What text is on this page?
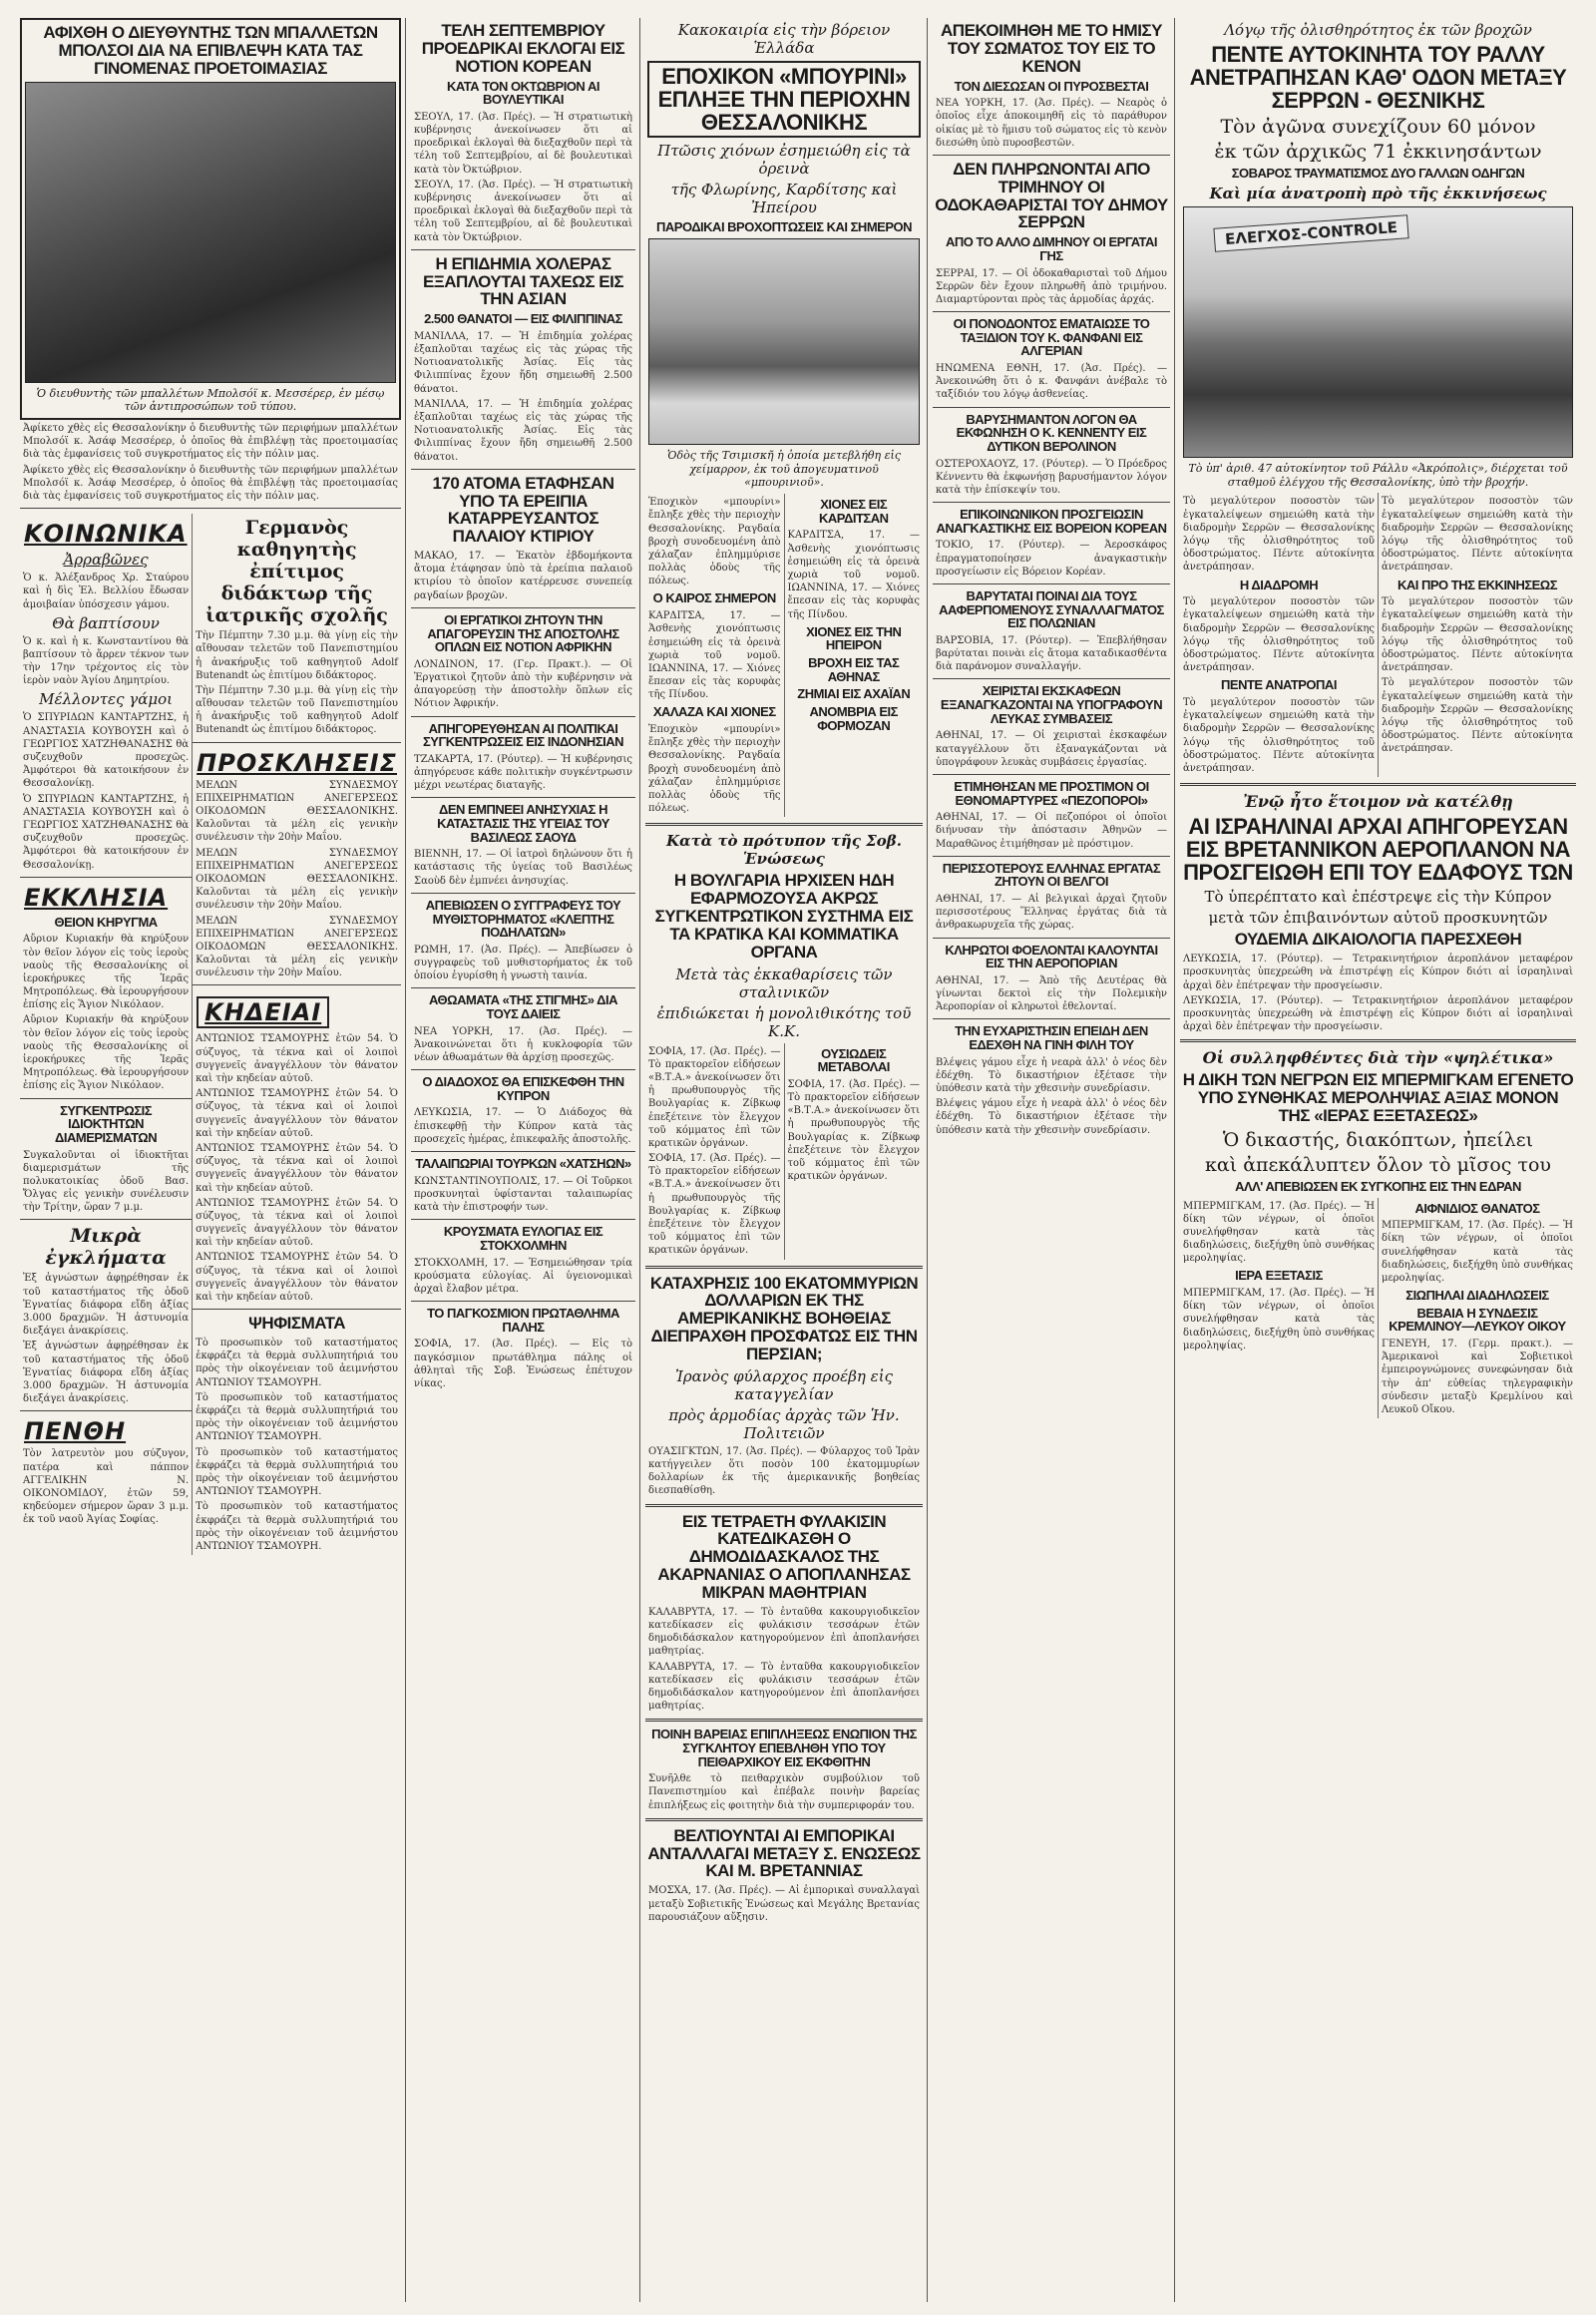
ΑΦΙΧΘΗ Ο ΔΙΕΥΘΥΝΤΗΣ ΤΩΝ ΜΠΑΛΛΕΤΩΝ ΜΠΟΛΣΟΙ ΔΙΑ ΝΑ ΕΠΙΒΛΕΨΗ ΚΑΤΑ ΤΑΣ ΓΙΝΟΜΕΝΑΣ ΠΡΟΕΤΟΙΜΑΣΙΑΣ
Ὁ διευθυντὴς τῶν μπαλλέτων Μπολσόϊ κ. Μεσσέρερ, ἐν μέσῳ τῶν ἀντιπροσώπων τοῦ τύπου.
Ἀφίκετο χθὲς εἰς Θεσσαλονίκην ὁ διευθυντὴς τῶν περιφήμων μπαλλέτων Μπολσόϊ κ. Ἀσάφ Μεσσέρερ, ὁ ὁποῖος θὰ ἐπιβλέψῃ τὰς προετοιμασίας διὰ τὰς ἐμφανίσεις τοῦ συγκροτήματος εἰς τὴν πόλιν μας.
Ἀφίκετο χθὲς εἰς Θεσσαλονίκην ὁ διευθυντὴς τῶν περιφήμων μπαλλέτων Μπολσόϊ κ. Ἀσάφ Μεσσέρερ, ὁ ὁποῖος θὰ ἐπιβλέψῃ τὰς προετοιμασίας διὰ τὰς ἐμφανίσεις τοῦ συγκροτήματος εἰς τὴν πόλιν μας.
ΚΟΙΝΩΝΙΚΑ
Ἀρραβῶνες
Ὁ κ. Ἀλέξανδρος Χρ. Σταύρου καὶ ἡ δὶς Ἐλ. Βελλίου ἔδωσαν ἀμοιβαίαν ὑπόσχεσιν γάμου.
Θὰ βαπτίσουν
Ὁ κ. καὶ ἡ κ. Κωνσταντίνου θὰ βαπτίσουν τὸ ἄρρεν τέκνον των τὴν 17ην τρέχοντος εἰς τὸν ἱερὸν ναὸν Ἁγίου Δημητρίου.
Μέλλοντες γάμοι
Ὁ ΣΠΥΡΙΔΩΝ ΚΑΝΤΑΡΤΖΗΣ, ἡ ΑΝΑΣΤΑΣΙΑ ΚΟΥΒΟΥΣΗ καὶ ὁ ΓΕΩΡΓΙΟΣ ΧΑΤΖΗΘΑΝΑΣΗΣ θὰ συζευχθοῦν προσεχῶς. Ἀμφότεροι θὰ κατοικήσουν ἐν Θεσσαλονίκῃ.
Ὁ ΣΠΥΡΙΔΩΝ ΚΑΝΤΑΡΤΖΗΣ, ἡ ΑΝΑΣΤΑΣΙΑ ΚΟΥΒΟΥΣΗ καὶ ὁ ΓΕΩΡΓΙΟΣ ΧΑΤΖΗΘΑΝΑΣΗΣ θὰ συζευχθοῦν προσεχῶς. Ἀμφότεροι θὰ κατοικήσουν ἐν Θεσσαλονίκῃ.
ΕΚΚΛΗΣΙΑ
ΘΕΙΟΝ ΚΗΡΥΓΜΑ
Αὔριον Κυριακήν θὰ κηρύξουν τὸν θεῖον λόγον εἰς τοὺς ἱεροὺς ναοὺς τῆς Θεσσαλονίκης οἱ ἱεροκήρυκες τῆς Ἱερᾶς Μητροπόλεως. Θὰ ἱερουργήσουν ἐπίσης εἰς Ἅγιον Νικόλαον.
Αὔριον Κυριακήν θὰ κηρύξουν τὸν θεῖον λόγον εἰς τοὺς ἱεροὺς ναοὺς τῆς Θεσσαλονίκης οἱ ἱεροκήρυκες τῆς Ἱερᾶς Μητροπόλεως. Θὰ ἱερουργήσουν ἐπίσης εἰς Ἅγιον Νικόλαον.
ΣΥΓΚΕΝΤΡΩΣΙΣ ΙΔΙΟΚΤΗΤΩΝ ΔΙΑΜΕΡΙΣΜΑΤΩΝ
Συγκαλοῦνται οἱ ἰδιοκτῆται διαμερισμάτων τῆς πολυκατοικίας ὁδοῦ Βασ. Ὄλγας εἰς γενικὴν συνέλευσιν τὴν Τρίτην, ὥραν 7 μ.μ.
Μικρὰ ἐγκλήματα
Ἐξ ἀγνώστων ἀφῃρέθησαν ἐκ τοῦ καταστήματος τῆς ὁδοῦ Ἐγνατίας διάφορα εἴδη ἀξίας 3.000 δραχμῶν. Ἡ ἀστυνομία διεξάγει ἀνακρίσεις.
Ἐξ ἀγνώστων ἀφῃρέθησαν ἐκ τοῦ καταστήματος τῆς ὁδοῦ Ἐγνατίας διάφορα εἴδη ἀξίας 3.000 δραχμῶν. Ἡ ἀστυνομία διεξάγει ἀνακρίσεις.
ΠΕΝΘΗ
Τὸν λατρευτὸν μου σύζυγον, πατέρα καὶ πάππον ΑΓΓΕΛΙΚΗΝ Ν. ΟΙΚΟΝΟΜΙΔΟΥ, ἐτῶν 59, κηδεύομεν σήμερον ὥραν 3 μ.μ. ἐκ τοῦ ναοῦ Ἁγίας Σοφίας.
Γερμανὸς καθηγητὴς ἐπίτιμος διδάκτωρ τῆς ἰατρικῆς σχολῆς
Τὴν Πέμπτην 7.30 μ.μ. θὰ γίνῃ εἰς τὴν αἴθουσαν τελετῶν τοῦ Πανεπιστημίου ἡ ἀνακήρυξις τοῦ καθηγητοῦ Adolf Butenandt ὡς ἐπιτίμου διδάκτορος.
Τὴν Πέμπτην 7.30 μ.μ. θὰ γίνῃ εἰς τὴν αἴθουσαν τελετῶν τοῦ Πανεπιστημίου ἡ ἀνακήρυξις τοῦ καθηγητοῦ Adolf Butenandt ὡς ἐπιτίμου διδάκτορος.
ΠΡΟΣΚΛΗΣΕΙΣ
ΜΕΛΩΝ ΣΥΝΔΕΣΜΟΥ ΕΠΙΧΕΙΡΗΜΑΤΙΩΝ ΑΝΕΓΕΡΣΕΩΣ ΟΙΚΟΔΟΜΩΝ ΘΕΣΣΑΛΟΝΙΚΗΣ. Καλοῦνται τὰ μέλη εἰς γενικὴν συνέλευσιν τὴν 20ὴν Μαΐου.
ΜΕΛΩΝ ΣΥΝΔΕΣΜΟΥ ΕΠΙΧΕΙΡΗΜΑΤΙΩΝ ΑΝΕΓΕΡΣΕΩΣ ΟΙΚΟΔΟΜΩΝ ΘΕΣΣΑΛΟΝΙΚΗΣ. Καλοῦνται τὰ μέλη εἰς γενικὴν συνέλευσιν τὴν 20ὴν Μαΐου.
ΜΕΛΩΝ ΣΥΝΔΕΣΜΟΥ ΕΠΙΧΕΙΡΗΜΑΤΙΩΝ ΑΝΕΓΕΡΣΕΩΣ ΟΙΚΟΔΟΜΩΝ ΘΕΣΣΑΛΟΝΙΚΗΣ. Καλοῦνται τὰ μέλη εἰς γενικὴν συνέλευσιν τὴν 20ὴν Μαΐου.
ΚΗΔΕΙΑΙ
ΑΝΤΩΝΙΟΣ ΤΣΑΜΟΥΡΗΣ ἐτῶν 54. Ὁ σύζυγος, τὰ τέκνα καὶ οἱ λοιποὶ συγγενεῖς ἀναγγέλλουν τὸν θάνατον καὶ τὴν κηδείαν αὐτοῦ.
ΑΝΤΩΝΙΟΣ ΤΣΑΜΟΥΡΗΣ ἐτῶν 54. Ὁ σύζυγος, τὰ τέκνα καὶ οἱ λοιποὶ συγγενεῖς ἀναγγέλλουν τὸν θάνατον καὶ τὴν κηδείαν αὐτοῦ.
ΑΝΤΩΝΙΟΣ ΤΣΑΜΟΥΡΗΣ ἐτῶν 54. Ὁ σύζυγος, τὰ τέκνα καὶ οἱ λοιποὶ συγγενεῖς ἀναγγέλλουν τὸν θάνατον καὶ τὴν κηδείαν αὐτοῦ.
ΑΝΤΩΝΙΟΣ ΤΣΑΜΟΥΡΗΣ ἐτῶν 54. Ὁ σύζυγος, τὰ τέκνα καὶ οἱ λοιποὶ συγγενεῖς ἀναγγέλλουν τὸν θάνατον καὶ τὴν κηδείαν αὐτοῦ.
ΑΝΤΩΝΙΟΣ ΤΣΑΜΟΥΡΗΣ ἐτῶν 54. Ὁ σύζυγος, τὰ τέκνα καὶ οἱ λοιποὶ συγγενεῖς ἀναγγέλλουν τὸν θάνατον καὶ τὴν κηδείαν αὐτοῦ.
ΨΗΦΙΣΜΑΤΑ
Τὸ προσωπικὸν τοῦ καταστήματος ἐκφράζει τὰ θερμὰ συλλυπητήριά του πρὸς τὴν οἰκογένειαν τοῦ ἀειμνήστου ΑΝΤΩΝΙΟΥ ΤΣΑΜΟΥΡΗ.
Τὸ προσωπικὸν τοῦ καταστήματος ἐκφράζει τὰ θερμὰ συλλυπητήριά του πρὸς τὴν οἰκογένειαν τοῦ ἀειμνήστου ΑΝΤΩΝΙΟΥ ΤΣΑΜΟΥΡΗ.
Τὸ προσωπικὸν τοῦ καταστήματος ἐκφράζει τὰ θερμὰ συλλυπητήριά του πρὸς τὴν οἰκογένειαν τοῦ ἀειμνήστου ΑΝΤΩΝΙΟΥ ΤΣΑΜΟΥΡΗ.
Τὸ προσωπικὸν τοῦ καταστήματος ἐκφράζει τὰ θερμὰ συλλυπητήριά του πρὸς τὴν οἰκογένειαν τοῦ ἀειμνήστου ΑΝΤΩΝΙΟΥ ΤΣΑΜΟΥΡΗ.
ΤΕΛΗ ΣΕΠΤΕΜΒΡΙΟΥ ΠΡΟΕΔΡΙΚΑΙ ΕΚΛΟΓΑΙ ΕΙΣ ΝΟΤΙΟΝ ΚΟΡΕΑΝ
ΚΑΤΑ ΤΟΝ ΟΚΤΩΒΡΙΟΝ ΑΙ ΒΟΥΛΕΥΤΙΚΑΙ
ΣΕΟΥΛ, 17. (Ἀσ. Πρές). — Ἡ στρατιωτικὴ κυβέρνησις ἀνεκοίνωσεν ὅτι αἱ προεδρικαὶ ἐκλογαὶ θὰ διεξαχθοῦν περὶ τὰ τέλη τοῦ Σεπτεμβρίου, αἱ δὲ βουλευτικαὶ κατὰ τὸν Ὀκτώβριον.
ΣΕΟΥΛ, 17. (Ἀσ. Πρές). — Ἡ στρατιωτικὴ κυβέρνησις ἀνεκοίνωσεν ὅτι αἱ προεδρικαὶ ἐκλογαὶ θὰ διεξαχθοῦν περὶ τὰ τέλη τοῦ Σεπτεμβρίου, αἱ δὲ βουλευτικαὶ κατὰ τὸν Ὀκτώβριον.
Η ΕΠΙΔΗΜΙΑ ΧΟΛΕΡΑΣ ΕΞΑΠΛΟΥΤΑΙ ΤΑΧΕΩΣ ΕΙΣ ΤΗΝ ΑΣΙΑΝ
2.500 ΘΑΝΑΤΟΙ — ΕΙΣ ΦΙΛΙΠΠΙΝΑΣ
ΜΑΝΙΛΛΑ, 17. — Ἡ ἐπιδημία χολέρας ἐξαπλοῦται ταχέως εἰς τὰς χώρας τῆς Νοτιοανατολικῆς Ἀσίας. Εἰς τὰς Φιλιππίνας ἔχουν ἤδη σημειωθῆ 2.500 θάνατοι.
ΜΑΝΙΛΛΑ, 17. — Ἡ ἐπιδημία χολέρας ἐξαπλοῦται ταχέως εἰς τὰς χώρας τῆς Νοτιοανατολικῆς Ἀσίας. Εἰς τὰς Φιλιππίνας ἔχουν ἤδη σημειωθῆ 2.500 θάνατοι.
170 ΑΤΟΜΑ ΕΤΑΦΗΣΑΝ ΥΠΟ ΤΑ ΕΡΕΙΠΙΑ ΚΑΤΑΡΡΕΥΣΑΝΤΟΣ ΠΑΛΑΙΟΥ ΚΤΙΡΙΟΥ
ΜΑΚΑΟ, 17. — Ἑκατὸν ἑβδομήκοντα ἄτομα ἐτάφησαν ὑπὸ τὰ ἐρείπια παλαιοῦ κτιρίου τὸ ὁποῖον κατέρρευσε συνεπείᾳ ραγδαίων βροχῶν.
ΟΙ ΕΡΓΑΤΙΚΟΙ ΖΗΤΟΥΝ ΤΗΝ ΑΠΑΓΟΡΕΥΣΙΝ ΤΗΣ ΑΠΟΣΤΟΛΗΣ ΟΠΛΩΝ ΕΙΣ ΝΟΤΙΟΝ ΑΦΡΙΚΗΝ
ΛΟΝΔΙΝΟΝ, 17. (Γερ. Πρακτ.). — Οἱ Ἐργατικοὶ ζητοῦν ἀπὸ τὴν κυβέρνησιν νὰ ἀπαγορεύσῃ τὴν ἀποστολὴν ὅπλων εἰς Νότιον Ἀφρικήν.
ΑΠΗΓΟΡΕΥΘΗΣΑΝ ΑΙ ΠΟΛΙΤΙΚΑΙ ΣΥΓΚΕΝΤΡΩΣΕΙΣ ΕΙΣ ΙΝΔΟΝΗΣΙΑΝ
ΤΖΑΚΑΡΤΑ, 17. (Ρόυτερ). — Ἡ κυβέρνησις ἀπηγόρευσε κάθε πολιτικὴν συγκέντρωσιν μέχρι νεωτέρας διαταγῆς.
ΔΕΝ ΕΜΠΝΕΕΙ ΑΝΗΣΥΧΙΑΣ Η ΚΑΤΑΣΤΑΣΙΣ ΤΗΣ ΥΓΕΙΑΣ ΤΟΥ ΒΑΣΙΛΕΩΣ ΣΑΟΥΔ
ΒΙΕΝΝΗ, 17. — Οἱ ἰατροὶ δηλώνουν ὅτι ἡ κατάστασις τῆς ὑγείας τοῦ Βασιλέως Σαοὺδ δὲν ἐμπνέει ἀνησυχίας.
ΑΠΕΒΙΩΣΕΝ Ο ΣΥΓΓΡΑΦΕΥΣ ΤΟΥ ΜΥΘΙΣΤΟΡΗΜΑΤΟΣ «ΚΛΕΠΤΗΣ ΠΟΔΗΛΑΤΩΝ»
ΡΩΜΗ, 17. (Ἀσ. Πρές). — Ἀπεβίωσεν ὁ συγγραφεὺς τοῦ μυθιστορήματος ἐκ τοῦ ὁποίου ἐγυρίσθη ἡ γνωστὴ ταινία.
ΑΘΩΑΜΑΤΑ «ΤΗΣ ΣΤΙΓΜΗΣ» ΔΙΑ ΤΟΥΣ ΔΑΙΕΙΣ
ΝΕΑ ΥΟΡΚΗ, 17. (Ἀσ. Πρές). — Ἀνακοινώνεται ὅτι ἡ κυκλοφορία τῶν νέων ἀθωαμάτων θὰ ἀρχίσῃ προσεχῶς.
Ο ΔΙΑΔΟΧΟΣ ΘΑ ΕΠΙΣΚΕΦΘΗ ΤΗΝ ΚΥΠΡΟΝ
ΛΕΥΚΩΣΙΑ, 17. — Ὁ Διάδοχος θὰ ἐπισκεφθῇ τὴν Κύπρον κατὰ τὰς προσεχεῖς ἡμέρας, ἐπικεφαλῆς ἀποστολῆς.
ΤΑΛΑΙΠΩΡΙΑΙ ΤΟΥΡΚΩΝ «ΧΑΤΣΗΩΝ»
ΚΩΝΣΤΑΝΤΙΝΟΥΠΟΛΙΣ, 17. — Οἱ Τοῦρκοι προσκυνηταὶ ὑφίστανται ταλαιπωρίας κατὰ τὴν ἐπιστροφήν των.
ΚΡΟΥΣΜΑΤΑ ΕΥΛΟΓΙΑΣ ΕΙΣ ΣΤΟΚΧΟΛΜΗΝ
ΣΤΟΚΧΟΛΜΗ, 17. — Ἐσημειώθησαν τρία κρούσματα εὐλογίας. Αἱ ὑγειονομικαὶ ἀρχαὶ ἔλαβον μέτρα.
ΤΟ ΠΑΓΚΟΣΜΙΟΝ ΠΡΩΤΑΘΛΗΜΑ ΠΑΛΗΣ
ΣΟΦΙΑ, 17. (Ἀσ. Πρές). — Εἰς τὸ παγκόσμιον πρωτάθλημα πάλης οἱ ἀθληταὶ τῆς Σοβ. Ἑνώσεως ἐπέτυχον νίκας.
Κακοκαιρία εἰς τὴν βόρειον Ἑλλάδα
ΕΠΟΧΙΚΟΝ «ΜΠΟΥΡΙΝΙ» ΕΠΛΗΞΕ ΤΗΝ ΠΕΡΙΟΧΗΝ ΘΕΣΣΑΛΟΝΙΚΗΣ
Πτῶσις χιόνων ἐσημειώθη εἰς τὰ ὀρεινὰ
τῆς Φλωρίνης, Καρδίτσης καὶ Ἠπείρου
ΠΑΡΟΔΙΚΑΙ ΒΡΟΧΟΠΤΩΣΕΙΣ ΚΑΙ ΣΗΜΕΡΟΝ
Ὁδὸς τῆς Τσιμισκῆ ἡ ὁποία μετεβλήθη εἰς χείμαρρον, ἐκ τοῦ ἀπογευματινοῦ «μπουρινιοῦ».
Ἐποχικὸν «μπουρίνι» ἔπληξε χθὲς τὴν περιοχὴν Θεσσαλονίκης. Ραγδαία βροχὴ συνοδευομένη ἀπὸ χάλαζαν ἐπλημμύρισε πολλὰς ὁδοὺς τῆς πόλεως.
Ο ΚΑΙΡΟΣ ΣΗΜΕΡΟΝ
ΚΑΡΔΙΤΣΑ, 17. — Ἀσθενὴς χιονόπτωσις ἐσημειώθη εἰς τὰ ὀρεινὰ χωριὰ τοῦ νομοῦ. ΙΩΑΝΝΙΝΑ, 17. — Χιόνες ἔπεσαν εἰς τὰς κορυφὰς τῆς Πίνδου.
ΧΑΛΑΖΑ ΚΑΙ ΧΙΟΝΕΣ
Ἐποχικὸν «μπουρίνι» ἔπληξε χθὲς τὴν περιοχὴν Θεσσαλονίκης. Ραγδαία βροχὴ συνοδευομένη ἀπὸ χάλαζαν ἐπλημμύρισε πολλὰς ὁδοὺς τῆς πόλεως.
ΧΙΟΝΕΣ ΕΙΣ ΚΑΡΔΙΤΣΑΝ
ΚΑΡΔΙΤΣΑ, 17. — Ἀσθενὴς χιονόπτωσις ἐσημειώθη εἰς τὰ ὀρεινὰ χωριὰ τοῦ νομοῦ. ΙΩΑΝΝΙΝΑ, 17. — Χιόνες ἔπεσαν εἰς τὰς κορυφὰς τῆς Πίνδου.
ΧΙΟΝΕΣ ΕΙΣ ΤΗΝ ΗΠΕΙΡΟΝ
ΒΡΟΧΗ ΕΙΣ ΤΑΣ ΑΘΗΝΑΣ
ΖΗΜΙΑΙ ΕΙΣ ΑΧΑΪΑΝ
ΑΝΟΜΒΡΙΑ ΕΙΣ ΦΟΡΜΟΖΑΝ
Κατὰ τὸ πρότυπον τῆς Σοβ. Ἑνώσεως
Η ΒΟΥΛΓΑΡΙΑ ΗΡΧΙΣΕΝ ΗΔΗ ΕΦΑΡΜΟΖΟΥΣΑ ΑΚΡΩΣ ΣΥΓΚΕΝΤΡΩΤΙΚΟΝ ΣΥΣΤΗΜΑ ΕΙΣ ΤΑ ΚΡΑΤΙΚΑ ΚΑΙ ΚΟΜΜΑΤΙΚΑ ΟΡΓΑΝΑ
Μετὰ τὰς ἐκκαθαρίσεις τῶν σταλινικῶν
ἐπιδιώκεται ἡ μονολιθικότης τοῦ Κ.Κ.
ΣΟΦΙΑ, 17. (Ἀσ. Πρές). — Τὸ πρακτορεῖον εἰδήσεων «Β.Τ.Α.» ἀνεκοίνωσεν ὅτι ἡ πρωθυπουργὸς τῆς Βουλγαρίας κ. Ζίβκωφ ἐπεξέτεινε τὸν ἔλεγχον τοῦ κόμματος ἐπὶ τῶν κρατικῶν ὀργάνων.
ΣΟΦΙΑ, 17. (Ἀσ. Πρές). — Τὸ πρακτορεῖον εἰδήσεων «Β.Τ.Α.» ἀνεκοίνωσεν ὅτι ἡ πρωθυπουργὸς τῆς Βουλγαρίας κ. Ζίβκωφ ἐπεξέτεινε τὸν ἔλεγχον τοῦ κόμματος ἐπὶ τῶν κρατικῶν ὀργάνων.
ΟΥΣΙΩΔΕΙΣ ΜΕΤΑΒΟΛΑΙ
ΣΟΦΙΑ, 17. (Ἀσ. Πρές). — Τὸ πρακτορεῖον εἰδήσεων «Β.Τ.Α.» ἀνεκοίνωσεν ὅτι ἡ πρωθυπουργὸς τῆς Βουλγαρίας κ. Ζίβκωφ ἐπεξέτεινε τὸν ἔλεγχον τοῦ κόμματος ἐπὶ τῶν κρατικῶν ὀργάνων.
ΚΑΤΑΧΡΗΣΙΣ 100 ΕΚΑΤΟΜΜΥΡΙΩΝ ΔΟΛΛΑΡΙΩΝ ΕΚ ΤΗΣ ΑΜΕΡΙΚΑΝΙΚΗΣ ΒΟΗΘΕΙΑΣ ΔΙΕΠΡΑΧΘΗ ΠΡΟΣΦΑΤΩΣ ΕΙΣ ΤΗΝ ΠΕΡΣΙΑΝ;
Ἰρανὸς φύλαρχος προέβη εἰς καταγγελίαν
πρὸς ἁρμοδίας ἀρχὰς τῶν Ἡν. Πολιτειῶν
ΟΥΑΣΙΓΚΤΩΝ, 17. (Ἀσ. Πρές). — Φύλαρχος τοῦ Ἰρὰν κατήγγειλεν ὅτι ποσὸν 100 ἑκατομμυρίων δολλαρίων ἐκ τῆς ἀμερικανικῆς βοηθείας διεσπαθίσθη.
ΕΙΣ ΤΕΤΡΑΕΤΗ ΦΥΛΑΚΙΣΙΝ ΚΑΤΕΔΙΚΑΣΘΗ Ο ΔΗΜΟΔΙΔΑΣΚΑΛΟΣ ΤΗΣ ΑΚΑΡΝΑΝΙΑΣ Ο ΑΠΟΠΛΑΝΗΣΑΣ ΜΙΚΡΑΝ ΜΑΘΗΤΡΙΑΝ
ΚΑΛΑΒΡΥΤΑ, 17. — Τὸ ἐνταῦθα κακουργιοδικεῖον κατεδίκασεν εἰς φυλάκισιν τεσσάρων ἐτῶν δημοδιδάσκαλον κατηγορούμενον ἐπὶ ἀποπλανήσει μαθητρίας.
ΚΑΛΑΒΡΥΤΑ, 17. — Τὸ ἐνταῦθα κακουργιοδικεῖον κατεδίκασεν εἰς φυλάκισιν τεσσάρων ἐτῶν δημοδιδάσκαλον κατηγορούμενον ἐπὶ ἀποπλανήσει μαθητρίας.
ΠΟΙΝΗ ΒΑΡΕΙΑΣ ΕΠΙΠΛΗΞΕΩΣ ΕΝΩΠΙΟΝ ΤΗΣ ΣΥΓΚΛΗΤΟΥ ΕΠΕΒΛΗΘΗ ΥΠΟ ΤΟΥ ΠΕΙΘΑΡΧΙΚΟΥ ΕΙΣ ΕΚΦΘΙΤΗΝ
Συνῆλθε τὸ πειθαρχικὸν συμβούλιον τοῦ Πανεπιστημίου καὶ ἐπέβαλε ποινὴν βαρείας ἐπιπλήξεως εἰς φοιτητὴν διὰ τὴν συμπεριφοράν του.
ΒΕΛΤΙΟΥΝΤΑΙ ΑΙ ΕΜΠΟΡΙΚΑΙ ΑΝΤΑΛΛΑΓΑΙ ΜΕΤΑΞΥ Σ. ΕΝΩΣΕΩΣ ΚΑΙ Μ. ΒΡΕΤΑΝΝΙΑΣ
ΜΟΣΧΑ, 17. (Ἀσ. Πρές). — Αἱ ἐμπορικαὶ συναλλαγαὶ μεταξὺ Σοβιετικῆς Ἑνώσεως καὶ Μεγάλης Βρετανίας παρουσιάζουν αὔξησιν.
ΑΠΕΚΟΙΜΗΘΗ ΜΕ ΤΟ ΗΜΙΣΥ ΤΟΥ ΣΩΜΑΤΟΣ ΤΟΥ ΕΙΣ ΤΟ ΚΕΝΟΝ
ΤΟΝ ΔΙΕΣΩΣΑΝ ΟΙ ΠΥΡΟΣΒΕΣΤΑΙ
ΝΕΑ ΥΟΡΚΗ, 17. (Ἀσ. Πρές). — Νεαρὸς ὁ ὁποῖος εἶχε ἀποκοιμηθῆ εἰς τὸ παράθυρον οἰκίας μὲ τὸ ἥμισυ τοῦ σώματος εἰς τὸ κενὸν διεσώθη ὑπὸ πυροσβεστῶν.
ΔΕΝ ΠΛΗΡΩΝΟΝΤΑΙ ΑΠΟ ΤΡΙΜΗΝΟΥ ΟΙ ΟΔΟΚΑΘΑΡΙΣΤΑΙ ΤΟΥ ΔΗΜΟΥ ΣΕΡΡΩΝ
ΑΠΟ ΤΟ ΑΛΛΟ ΔΙΜΗΝΟΥ ΟΙ ΕΡΓΑΤΑΙ ΓΗΣ
ΣΕΡΡΑΙ, 17. — Οἱ ὁδοκαθαρισταὶ τοῦ Δήμου Σερρῶν δὲν ἔχουν πληρωθῆ ἀπὸ τριμήνου. Διαμαρτύρονται πρὸς τὰς ἁρμοδίας ἀρχάς.
ΟΙ ΠΟΝΟΔΟΝΤΟΣ ΕΜΑΤΑΙΩΣΕ ΤΟ ΤΑΞΙΔΙΟΝ ΤΟΥ Κ. ΦΑΝΦΑΝΙ ΕΙΣ ΑΛΓΕΡΙΑΝ
ΗΝΩΜΕΝΑ ΕΘΝΗ, 17. (Ἀσ. Πρές). — Ἀνεκοινώθη ὅτι ὁ κ. Φανφάνι ἀνέβαλε τὸ ταξίδιόν του λόγῳ ἀσθενείας.
ΒΑΡΥΣΗΜΑΝΤΟΝ ΛΟΓΟΝ ΘΑ ΕΚΦΩΝΗΣΗ Ο Κ. ΚΕΝΝΕΝΤΥ ΕΙΣ ΔΥΤΙΚΟΝ ΒΕΡΟΛΙΝΟΝ
ΟΣΤΕΡΟΧΑΟΥΖ, 17. (Ρόυτερ). — Ὁ Πρόεδρος Κέννεντυ θὰ ἐκφωνήσῃ βαρυσήμαντον λόγον κατὰ τὴν ἐπίσκεψίν του.
ΕΠΙΚΟΙΝΩΝΙΚΟΝ ΠΡΟΣΓΕΙΩΣΙΝ ΑΝΑΓΚΑΣΤΙΚΗΣ ΕΙΣ ΒΟΡΕΙΟΝ ΚΟΡΕΑΝ
ΤΟΚΙΟ, 17. (Ρόυτερ). — Ἀεροσκάφος ἐπραγματοποίησεν ἀναγκαστικὴν προσγείωσιν εἰς Βόρειον Κορέαν.
ΒΑΡΥΤΑΤΑΙ ΠΟΙΝΑΙ ΔΙΑ ΤΟΥΣ ΑΑΦΕΡΠΟΜΕΝΟΥΣ ΣΥΝΑΛΛΑΓΜΑΤΟΣ ΕΙΣ ΠΟΛΩΝΙΑΝ
ΒΑΡΣΟΒΙΑ, 17. (Ρόυτερ). — Ἐπεβλήθησαν βαρύταται ποινὰι εἰς ἄτομα καταδικασθέντα διὰ παράνομον συναλλαγήν.
ΧΕΙΡΙΣΤΑΙ ΕΚΣΚΑΦΕΩΝ ΕΞΑΝΑΓΚΑΖΟΝΤΑΙ ΝΑ ΥΠΟΓΡΑΦΟΥΝ ΛΕΥΚΑΣ ΣΥΜΒΑΣΕΙΣ
ΑΘΗΝΑΙ, 17. — Οἱ χειρισταὶ ἐκσκαφέων καταγγέλλουν ὅτι ἐξαναγκάζονται νὰ ὑπογράφουν λευκὰς συμβάσεις ἐργασίας.
ΕΤΙΜΗΘΗΣΑΝ ΜΕ ΠΡΟΣΤΙΜΟΝ ΟΙ ΕΘΝΟΜΑΡΤΥΡΕΣ «ΠΕΖΟΠΟΡΟΙ»
ΑΘΗΝΑΙ, 17. — Οἱ πεζοπόροι οἱ ὁποῖοι διήνυσαν τὴν ἀπόστασιν Ἀθηνῶν — Μαραθῶνος ἐτιμήθησαν μὲ πρόστιμον.
ΠΕΡΙΣΣΟΤΕΡΟΥΣ ΕΛΛΗΝΑΣ ΕΡΓΑΤΑΣ ΖΗΤΟΥΝ ΟΙ ΒΕΛΓΟΙ
ΑΘΗΝΑΙ, 17. — Αἱ βελγικαὶ ἀρχαὶ ζητοῦν περισσοτέρους Ἕλληνας ἐργάτας διὰ τὰ ἀνθρακωρυχεῖα τῆς χώρας.
ΚΛΗΡΩΤΟΙ ΦΟΕΛΟΝΤΑΙ ΚΑΛΟΥΝΤΑΙ ΕΙΣ ΤΗΝ ΑΕΡΟΠΟΡΙΑΝ
ΑΘΗΝΑΙ, 17. — Ἀπὸ τῆς Δευτέρας θὰ γίνωνται δεκτοὶ εἰς τὴν Πολεμικὴν Ἀεροπορίαν οἱ κληρωτοὶ ἐθελονταί.
ΤΗΝ ΕΥΧΑΡΙΣΤΗΣΙΝ ΕΠΕΙΔΗ ΔΕΝ ΕΔΕΧΘΗ ΝΑ ΓΙΝΗ ΦΙΛΗ ΤΟΥ
Βλέψεις γάμου εἶχε ἡ νεαρὰ ἀλλ' ὁ νέος δὲν ἐδέχθη. Τὸ δικαστήριον ἐξέτασε τὴν ὑπόθεσιν κατὰ τὴν χθεσινὴν συνεδρίασιν.
Βλέψεις γάμου εἶχε ἡ νεαρὰ ἀλλ' ὁ νέος δὲν ἐδέχθη. Τὸ δικαστήριον ἐξέτασε τὴν ὑπόθεσιν κατὰ τὴν χθεσινὴν συνεδρίασιν.
Λόγῳ τῆς ὀλισθηρότητος ἐκ τῶν βροχῶν
ΠΕΝΤΕ ΑΥΤΟΚΙΝΗΤΑ ΤΟΥ ΡΑΛΛΥ ΑΝΕΤΡΑΠΗΣΑΝ ΚΑΘ' ΟΔΟΝ ΜΕΤΑΞΥ ΣΕΡΡΩΝ - ΘΕΣΝΙΚΗΣ
Τὸν ἀγῶνα συνεχίζουν 60 μόνον
ἐκ τῶν ἀρχικῶς 71 ἐκκινησάντων
ΣΟΒΑΡΟΣ ΤΡΑΥΜΑΤΙΣΜΟΣ ΔΥΟ ΓΑΛΛΩΝ ΟΔΗΓΩΝ
Καὶ μία ἀνατροπὴ πρὸ τῆς ἐκκινήσεως
ΕΛΕΓΧΟΣ-CONTROLE
Τὸ ὑπ' ἀριθ. 47 αὐτοκίνητον τοῦ Ράλλυ «Ἀκρόπολις», διέρχεται τοῦ σταθμοῦ ἐλέγχου τῆς Θεσσαλονίκης, ὑπὸ τὴν βροχήν.
Τὸ μεγαλύτερον ποσοστὸν τῶν ἐγκαταλείψεων σημειώθη κατὰ τὴν διαδρομὴν Σερρῶν — Θεσσαλονίκης λόγῳ τῆς ὀλισθηρότητος τοῦ ὁδοστρώματος. Πέντε αὐτοκίνητα ἀνετράπησαν.
Η ΔΙΑΔΡΟΜΗ
Τὸ μεγαλύτερον ποσοστὸν τῶν ἐγκαταλείψεων σημειώθη κατὰ τὴν διαδρομὴν Σερρῶν — Θεσσαλονίκης λόγῳ τῆς ὀλισθηρότητος τοῦ ὁδοστρώματος. Πέντε αὐτοκίνητα ἀνετράπησαν.
ΠΕΝΤΕ ΑΝΑΤΡΟΠΑΙ
Τὸ μεγαλύτερον ποσοστὸν τῶν ἐγκαταλείψεων σημειώθη κατὰ τὴν διαδρομὴν Σερρῶν — Θεσσαλονίκης λόγῳ τῆς ὀλισθηρότητος τοῦ ὁδοστρώματος. Πέντε αὐτοκίνητα ἀνετράπησαν.
Τὸ μεγαλύτερον ποσοστὸν τῶν ἐγκαταλείψεων σημειώθη κατὰ τὴν διαδρομὴν Σερρῶν — Θεσσαλονίκης λόγῳ τῆς ὀλισθηρότητος τοῦ ὁδοστρώματος. Πέντε αὐτοκίνητα ἀνετράπησαν.
ΚΑΙ ΠΡΟ ΤΗΣ ΕΚΚΙΝΗΣΕΩΣ
Τὸ μεγαλύτερον ποσοστὸν τῶν ἐγκαταλείψεων σημειώθη κατὰ τὴν διαδρομὴν Σερρῶν — Θεσσαλονίκης λόγῳ τῆς ὀλισθηρότητος τοῦ ὁδοστρώματος. Πέντε αὐτοκίνητα ἀνετράπησαν.
Τὸ μεγαλύτερον ποσοστὸν τῶν ἐγκαταλείψεων σημειώθη κατὰ τὴν διαδρομὴν Σερρῶν — Θεσσαλονίκης λόγῳ τῆς ὀλισθηρότητος τοῦ ὁδοστρώματος. Πέντε αὐτοκίνητα ἀνετράπησαν.
Ἐνῷ ἦτο ἕτοιμον νὰ κατέλθῃ
ΑΙ ΙΣΡΑΗΛΙΝΑΙ ΑΡΧΑΙ ΑΠΗΓΟΡΕΥΣΑΝ ΕΙΣ ΒΡΕΤΑΝΝΙΚΟΝ ΑΕΡΟΠΛΑΝΟΝ ΝΑ ΠΡΟΣΓΕΙΩΘΗ ΕΠΙ ΤΟΥ ΕΔΑΦΟΥΣ ΤΩΝ
Τὸ ὑπερέπτατο καὶ ἐπέστρεψε εἰς τὴν Κύπρον
μετὰ τῶν ἐπιβαινόντων αὐτοῦ προσκυνητῶν
ΟΥΔΕΜΙΑ ΔΙΚΑΙΟΛΟΓΙΑ ΠΑΡΕΣΧΕΘΗ
ΛΕΥΚΩΣΙΑ, 17. (Ρόυτερ). — Τετρακινητήριον ἀεροπλάνον μεταφέρον προσκυνητὰς ὑπεχρεώθη νὰ ἐπιστρέψῃ εἰς Κύπρον διότι αἱ ἰσραηλιναὶ ἀρχαὶ δὲν ἐπέτρεψαν τὴν προσγείωσιν.
ΛΕΥΚΩΣΙΑ, 17. (Ρόυτερ). — Τετρακινητήριον ἀεροπλάνον μεταφέρον προσκυνητὰς ὑπεχρεώθη νὰ ἐπιστρέψῃ εἰς Κύπρον διότι αἱ ἰσραηλιναὶ ἀρχαὶ δὲν ἐπέτρεψαν τὴν προσγείωσιν.
Οἱ συλληφθέντες διὰ τὴν «ψηλέτικα»
Η ΔΙΚΗ ΤΩΝ ΝΕΓΡΩΝ ΕΙΣ ΜΠΕΡΜΙΓΚΑΜ ΕΓΕΝΕΤΟ ΥΠΟ ΣΥΝΘΗΚΑΣ ΜΕΡΟΛΗΨΙΑΣ ΑΞΙΑΣ ΜΟΝΟΝ ΤΗΣ «ΙΕΡΑΣ ΕΞΕΤΑΣΕΩΣ»
Ὁ δικαστής, διακόπτων, ἠπείλει
καὶ ἀπεκάλυπτεν ὅλον τὸ μῖσος του
ΑΛΛ' ΑΠΕΒΙΩΣΕΝ ΕΚ ΣΥΓΚΟΠΗΣ ΕΙΣ ΤΗΝ ΕΔΡΑΝ
ΜΠΕΡΜΙΓΚΑΜ, 17. (Ἀσ. Πρές). — Ἡ δίκη τῶν νέγρων, οἱ ὁποῖοι συνελήφθησαν κατὰ τὰς διαδηλώσεις, διεξήχθη ὑπὸ συνθήκας μεροληψίας.
ΙΕΡΑ ΕΞΕΤΑΣΙΣ
ΜΠΕΡΜΙΓΚΑΜ, 17. (Ἀσ. Πρές). — Ἡ δίκη τῶν νέγρων, οἱ ὁποῖοι συνελήφθησαν κατὰ τὰς διαδηλώσεις, διεξήχθη ὑπὸ συνθήκας μεροληψίας.
ΑΙΦΝΙΔΙΟΣ ΘΑΝΑΤΟΣ
ΜΠΕΡΜΙΓΚΑΜ, 17. (Ἀσ. Πρές). — Ἡ δίκη τῶν νέγρων, οἱ ὁποῖοι συνελήφθησαν κατὰ τὰς διαδηλώσεις, διεξήχθη ὑπὸ συνθήκας μεροληψίας.
ΣΙΩΠΗΛΑΙ ΔΙΑΔΗΛΩΣΕΙΣ
ΒΕΒΑΙΑ Η ΣΥΝΔΕΣΙΣ ΚΡΕΜΛΙΝΟΥ—ΛΕΥΚΟΥ ΟΙΚΟΥ
ΓΕΝΕΥΗ, 17. (Γερμ. πρακτ.). — Ἀμερικανοὶ καὶ Σοβιετικοὶ ἐμπειρογνώμονες συνεφώνησαν διὰ τὴν ἀπ' εὐθείας τηλεγραφικὴν σύνδεσιν μεταξὺ Κρεμλίνου καὶ Λευκοῦ Οἴκου.
